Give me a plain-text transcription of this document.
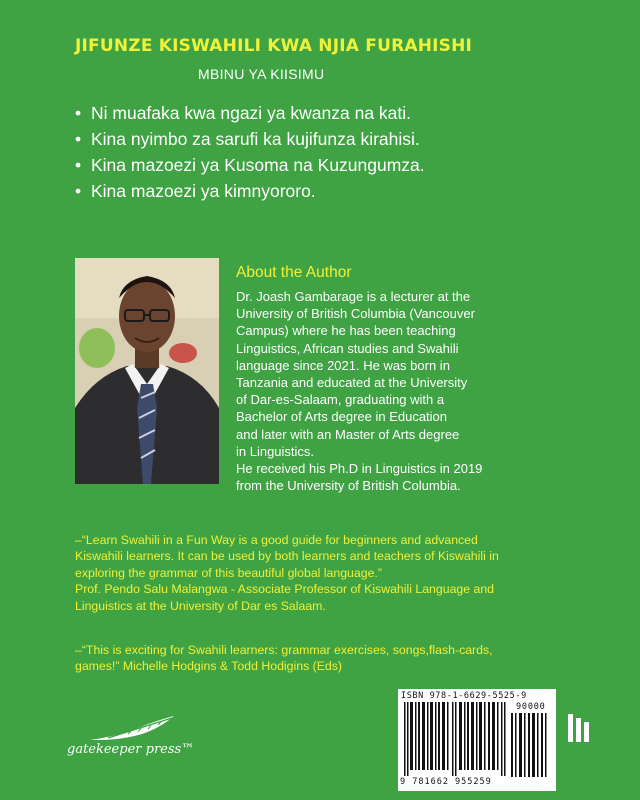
JIFUNZE KISWAHILI KWA NJIA FURAHISHI
MBINU YA KIISIMU
• Ni muafaka kwa ngazi ya kwanza na kati.
• Kina nyimbo za sarufi ka kujifunza kirahisi.
• Kina mazoezi ya Kusoma na Kuzungumza.
• Kina mazoezi ya kimnyororo.
About the Author
Dr. Joash Gambarage is a lecturer at the
University of British Columbia (Vancouver
Campus) where he has been teaching
Linguistics, African studies and Swahili
language since 2021. He was born in
Tanzania and educated at the University
of Dar-es-Salaam, graduating with a
Bachelor of Arts degree in Education
and later with an Master of Arts degree
in Linguistics.
He received his Ph.D in Linguistics in 2019
from the University of British Columbia.
–“Learn Swahili in a Fun Way is a good guide for beginners and advanced
Kiswahili learners. It can be used by both learners and teachers of Kiswahili in
exploring the grammar of this beautiful global language.”
Prof. Pendo Salu Malangwa - Associate Professor of Kiswahili Language and
Linguistics at the University of Dar es Salaam.
–“This is exciting for Swahili learners: grammar exercises, songs,flash-cards,
games!” Michelle Hodgins & Todd Hodigins (Eds)
gatekeeper press™
ISBN 978-1-6629-5525-9
90000
9 781662 955259
